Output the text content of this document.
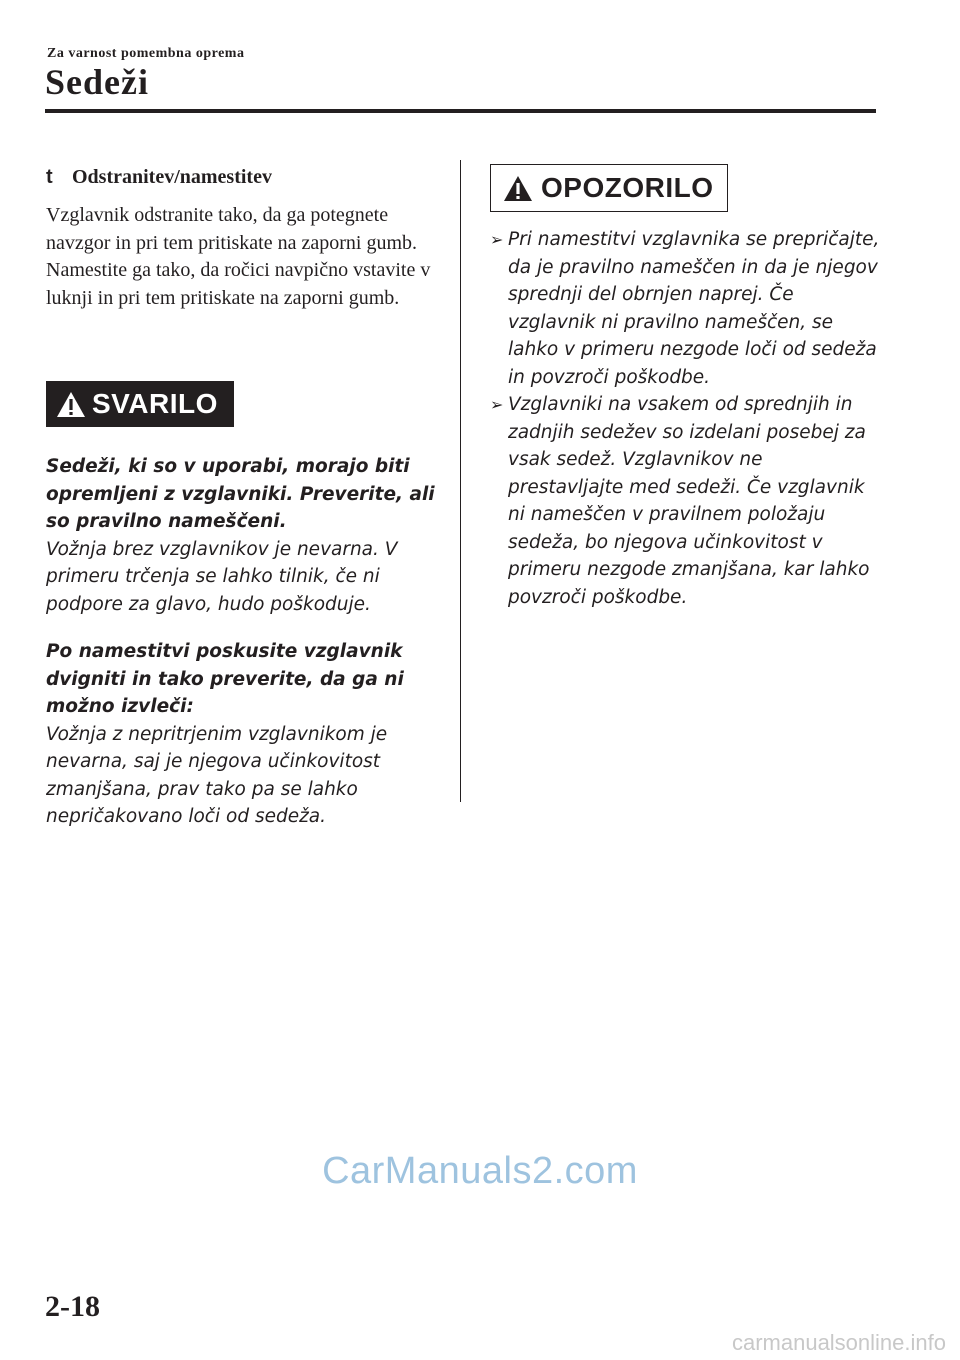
Za varnost pomembna oprema
Sedeži
t Odstranitev/namestitev

Vzglavnik odstranite tako, da ga potegnete navzgor in pri tem pritiskate na zaporni gumb.

Namestite ga tako, da ročici navpično vstavite v luknji in pri tem pritiskate na zaporni gumb.

SVARILO

Sedeži, ki so v uporabi, morajo biti opremljeni z vzglavniki. Preverite, ali so pravilno nameščeni.

Vožnja brez vzglavnikov je nevarna. V primeru trčenja se lahko tilnik, če ni podpore za glavo, hudo poškoduje.

Po namestitvi poskusite vzglavnik dvigniti in tako preverite, da ga ni možno izvleči:

Vožnja z nepritrjenim vzglavnikom je nevarna, saj je njegova učinkovitost zmanjšana, prav tako pa se lahko nepričakovano loči od sedeža.

OPOZORILO
➢ Pri namestitvi vzglavnika se prepričajte, da je pravilno nameščen in da je njegov sprednji del obrnjen naprej. Če vzglavnik ni pravilno nameščen, se lahko v primeru nezgode loči od sedeža in povzroči poškodbe.

➢ Vzglavniki na vsakem od sprednjih in zadnjih sedežev so izdelani posebej za vsak sedež. Vzglavnikov ne prestavljajte med sedeži. Če vzglavnik ni nameščen v pravilnem položaju sedeža, bo njegova učinkovitost v primeru nezgode zmanjšana, kar lahko povzroči poškodbe.

CarManuals2.com
2-18
carmanualsonline.info
